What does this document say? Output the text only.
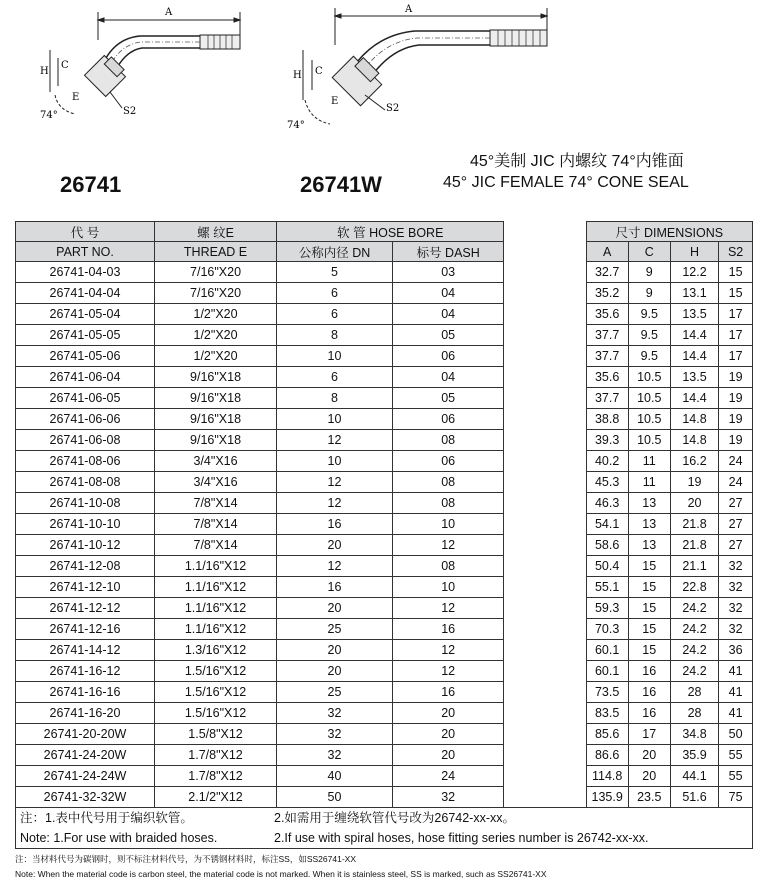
A
H
C
E
S2
74°
A
H C
E
S2
74°
26741	26741W
45°美制 JIC 内螺纹 74°内锥面
45° JIC FEMALE 74° CONE SEAL
代 号	螺 纹E	软 管 HOSE BORE			尺寸 DIMENSIONS			
PART NO.	THREAD E	公称内径 DN	标号 DASH		A	C	H	S2
26741-04-03	7/16"X20	5	03		32.7	9	12.2	15
26741-04-04	7/16"X20	6	04		35.2	9	13.1	15
26741-05-04	1/2"X20	6	04		35.6	9.5	13.5	17
26741-05-05	1/2"X20	8	05		37.7	9.5	14.4	17
26741-05-06	1/2"X20	10	06		37.7	9.5	14.4	17
26741-06-04	9/16"X18	6	04		35.6	10.5	13.5	19
26741-06-05	9/16"X18	8	05		37.7	10.5	14.4	19
26741-06-06	9/16"X18	10	06		38.8	10.5	14.8	19
26741-06-08	9/16"X18	12	08		39.3	10.5	14.8	19
26741-08-06	3/4"X16	10	06		40.2	11	16.2	24
26741-08-08	3/4"X16	12	08		45.3	11	19	24
26741-10-08	7/8"X14	12	08		46.3	13	20	27
26741-10-10	7/8"X14	16	10		54.1	13	21.8	27
26741-10-12	7/8"X14	20	12		58.6	13	21.8	27
26741-12-08	1.1/16"X12	12	08		50.4	15	21.1	32
26741-12-10	1.1/16"X12	16	10		55.1	15	22.8	32
26741-12-12	1.1/16"X12	20	12		59.3	15	24.2	32
26741-12-16	1.1/16"X12	25	16		70.3	15	24.2	32
26741-14-12	1.3/16"X12	20	12		60.1	15	24.2	36
26741-16-12	1.5/16"X12	20	12		60.1	16	24.2	41
26741-16-16	1.5/16"X12	25	16		73.5	16	28	41
26741-16-20	1.5/16"X12	32	20		83.5	16	28	41
26741-20-20W	1.5/8"X12	32	20		85.6	17	34.8	50
26741-24-20W	1.7/8"X12	32	20		86.6	20	35.9	55
26741-24-24W	1.7/8"X12	40	24		114.8	20	44.1	55
26741-32-32W	2.1/2"X12	50	32		135.9	23.5	51.6	75
注：1.表中代号用于编织软管。	2.如需用于缠绕软管代号改为26742-xx-xx。
Note: 1.For use with braided hoses.	2.If use with spiral hoses, hose fitting series number is 26742-xx-xx.
注：当材料代号为碳钢时，则不标注材料代号，为不锈钢材料时，标注SS，如SS26741-XX
Note: When the material code is carbon steel, the material code is not marked. When it is stainless steel, SS is marked, such as SS26741-XX
